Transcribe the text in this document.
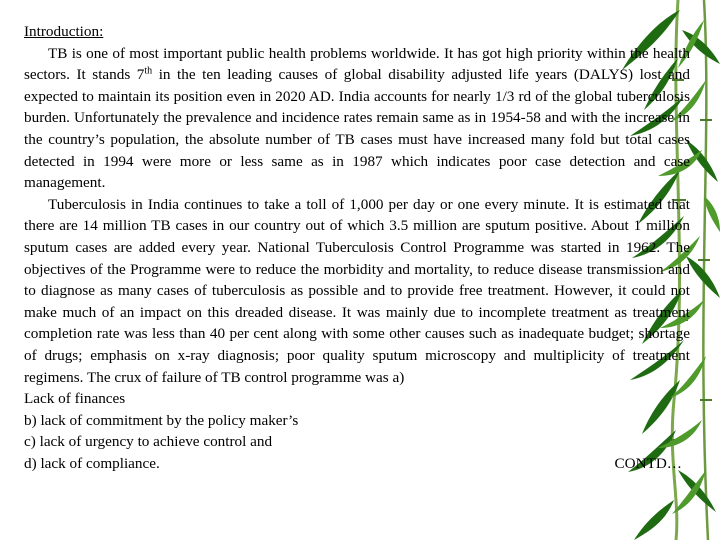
Introduction:

TB is one of most important public health problems worldwide. It has got high priority within the health sectors. It stands 7th in the ten leading causes of global disability adjusted life years (DALYS) lost and expected to maintain its position even in 2020 AD. India accounts for nearly 1/3 rd of the global tuberculosis burden. Unfortunately the prevalence and incidence rates remain same as in 1954-58 and with the increase in the country’s population, the absolute number of TB cases must have increased many fold but total cases detected in 1994 were more or less same as in 1987 which indicates poor case detection and case management.

Tuberculosis in India continues to take a toll of 1,000 per day or one every minute. It is estimated that there are 14 million TB cases in our country out of which 3.5 million are sputum positive. About 1 million sputum cases are added every year. National Tuberculosis Control Programme was started in 1962. The objectives of the Programme were to reduce the morbidity and mortality, to reduce disease transmission and to diagnose as many cases of tuberculosis as possible and to provide free treatment. However, it could not make much of an impact on this dreaded disease. It was mainly due to incomplete treatment as treatment completion rate was less than 40 per cent along with some other causes such as inadequate budget; shortage of drugs; emphasis on x-ray diagnosis; poor quality sputum microscopy and multiplicity of treatment regimens. The crux of failure of TB control programme was a)

Lack of finances

b) lack of commitment by the policy maker’s

c) lack of urgency to achieve control and

d) lack of compliance.	CONTD…
